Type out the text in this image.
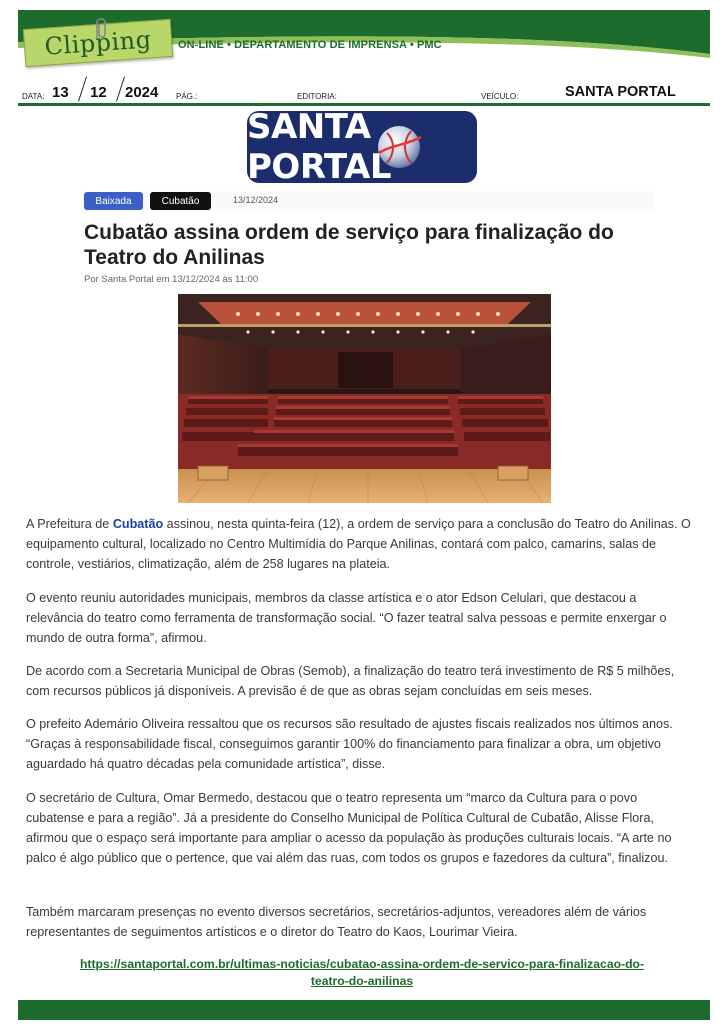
Clipping ON-LINE • DEPARTAMENTO DE IMPRENSA • PMC
DATA: 13 12 2024 PÁG.:	EDITORIA:	VEÍCULO:	SANTA PORTAL
SANTA PORTAL
Baixada	Cubatão	13/12/2024
Cubatão assina ordem de serviço para finalização do Teatro do Anilinas
Por Santa Portal em 13/12/2024 às 11:00

A Prefeitura de Cubatão assinou, nesta quinta-feira (12), a ordem de serviço para a conclusão do Teatro do Anilinas. O equipamento cultural, localizado no Centro Multimídia do Parque Anilinas, contará com palco, camarins, salas de controle, vestiários, climatização, além de 258 lugares na plateia.

O evento reuniu autoridades municipais, membros da classe artística e o ator Edson Celulari, que destacou a relevância do teatro como ferramenta de transformação social. “O fazer teatral salva pessoas e permite enxergar o mundo de outra forma”, afirmou.

De acordo com a Secretaria Municipal de Obras (Semob), a finalização do teatro terá investimento de R$ 5 milhões, com recursos públicos já disponíveis. A previsão é de que as obras sejam concluídas em seis meses.

O prefeito Ademário Oliveira ressaltou que os recursos são resultado de ajustes fiscais realizados nos últimos anos. “Graças à responsabilidade fiscal, conseguimos garantir 100% do financiamento para finalizar a obra, um objetivo aguardado há quatro décadas pela comunidade artística”, disse.

O secretário de Cultura, Omar Bermedo, destacou que o teatro representa um “marco da Cultura para o povo cubatense e para a região”. Já a presidente do Conselho Municipal de Política Cultural de Cubatão, Alisse Flora, afirmou que o espaço será importante para ampliar o acesso da população às produções culturais locais. “A arte no palco é algo público que o pertence, que vai além das ruas, com todos os grupos e fazedores da cultura”, finalizou.

Também marcaram presenças no evento diversos secretários, secretários-adjuntos, vereadores além de vários representantes de seguimentos artísticos e o diretor do Teatro do Kaos, Lourimar Vieira.

https://santaportal.com.br/ultimas-noticias/cubatao-assina-ordem-de-servico-para-finalizacao-do-
teatro-do-anilinas
